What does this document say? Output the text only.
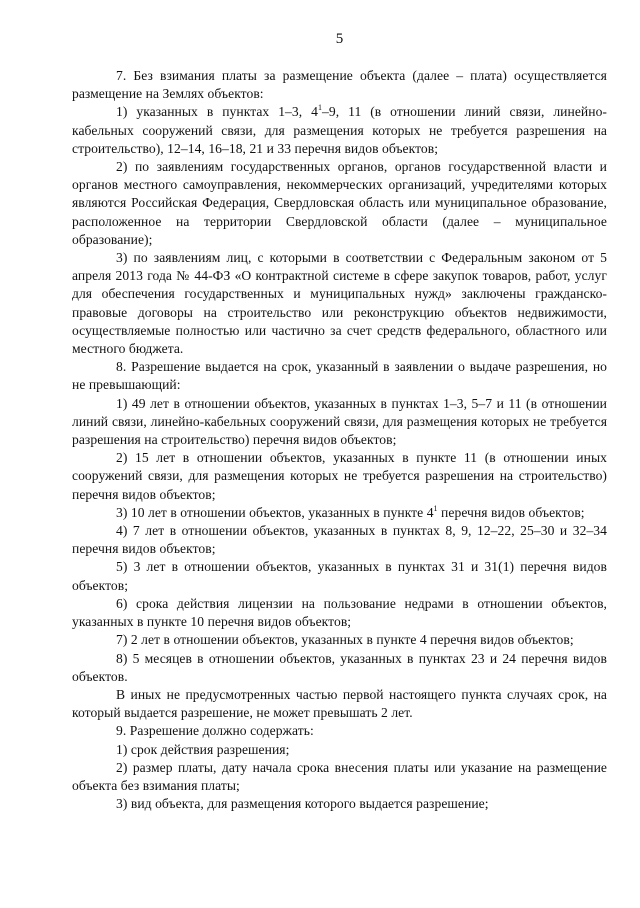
5

7. Без взимания платы за размещение объекта (далее – плата) осуществляется размещение на Землях объектов:

1) указанных в пунктах 1–3, $4^1-9$, 11 (в отношении линий связи, линейно-кабельных сооружений связи, для размещения которых не требуется разрешения на строительство), 12–14, 16–18, 21 и 33 перечня видов объектов;

2) по заявлениям государственных органов, органов государственной власти и органов местного самоуправления, некоммерческих организаций, учредителями которых являются Российская Федерация, Свердловская область или муниципальное образование, расположенное на территории Свердловской области (далее – муниципальное образование);

3) по заявлениям лиц, с которыми в соответствии с Федеральным законом от 5 апреля 2013 года № 44-ФЗ «О контрактной системе в сфере закупок товаров, работ, услуг для обеспечения государственных и муниципальных нужд» заключены гражданско-правовые договоры на строительство или реконструкцию объектов недвижимости, осуществляемые полностью или частично за счет средств федерального, областного или местного бюджета.

8. Разрешение выдается на срок, указанный в заявлении о выдаче разрешения, но не превышающий:

1) 49 лет в отношении объектов, указанных в пунктах 1–3, 5–7 и 11 (в отношении линий связи, линейно-кабельных сооружений связи, для размещения которых не требуется разрешения на строительство) перечня видов объектов;

2) 15 лет в отношении объектов, указанных в пункте 11 (в отношении иных сооружений связи, для размещения которых не требуется разрешения на строительство) перечня видов объектов;

3) 10 лет в отношении объектов, указанных в пункте $4^1$ перечня видов объектов;

4) 7 лет в отношении объектов, указанных в пунктах 8, 9, 12–22, 25–30 и 32–34 перечня видов объектов;

5) 3 лет в отношении объектов, указанных в пунктах 31 и 31(1) перечня видов объектов;

6) срока действия лицензии на пользование недрами в отношении объектов, указанных в пункте 10 перечня видов объектов;

7) 2 лет в отношении объектов, указанных в пункте 4 перечня видов объектов;

8) 5 месяцев в отношении объектов, указанных в пунктах 23 и 24 перечня видов объектов.

В иных не предусмотренных частью первой настоящего пункта случаях срок, на который выдается разрешение, не может превышать 2 лет.

9. Разрешение должно содержать:

1) срок действия разрешения;

2) размер платы, дату начала срока внесения платы или указание на размещение объекта без взимания платы;

3) вид объекта, для размещения которого выдается разрешение;
